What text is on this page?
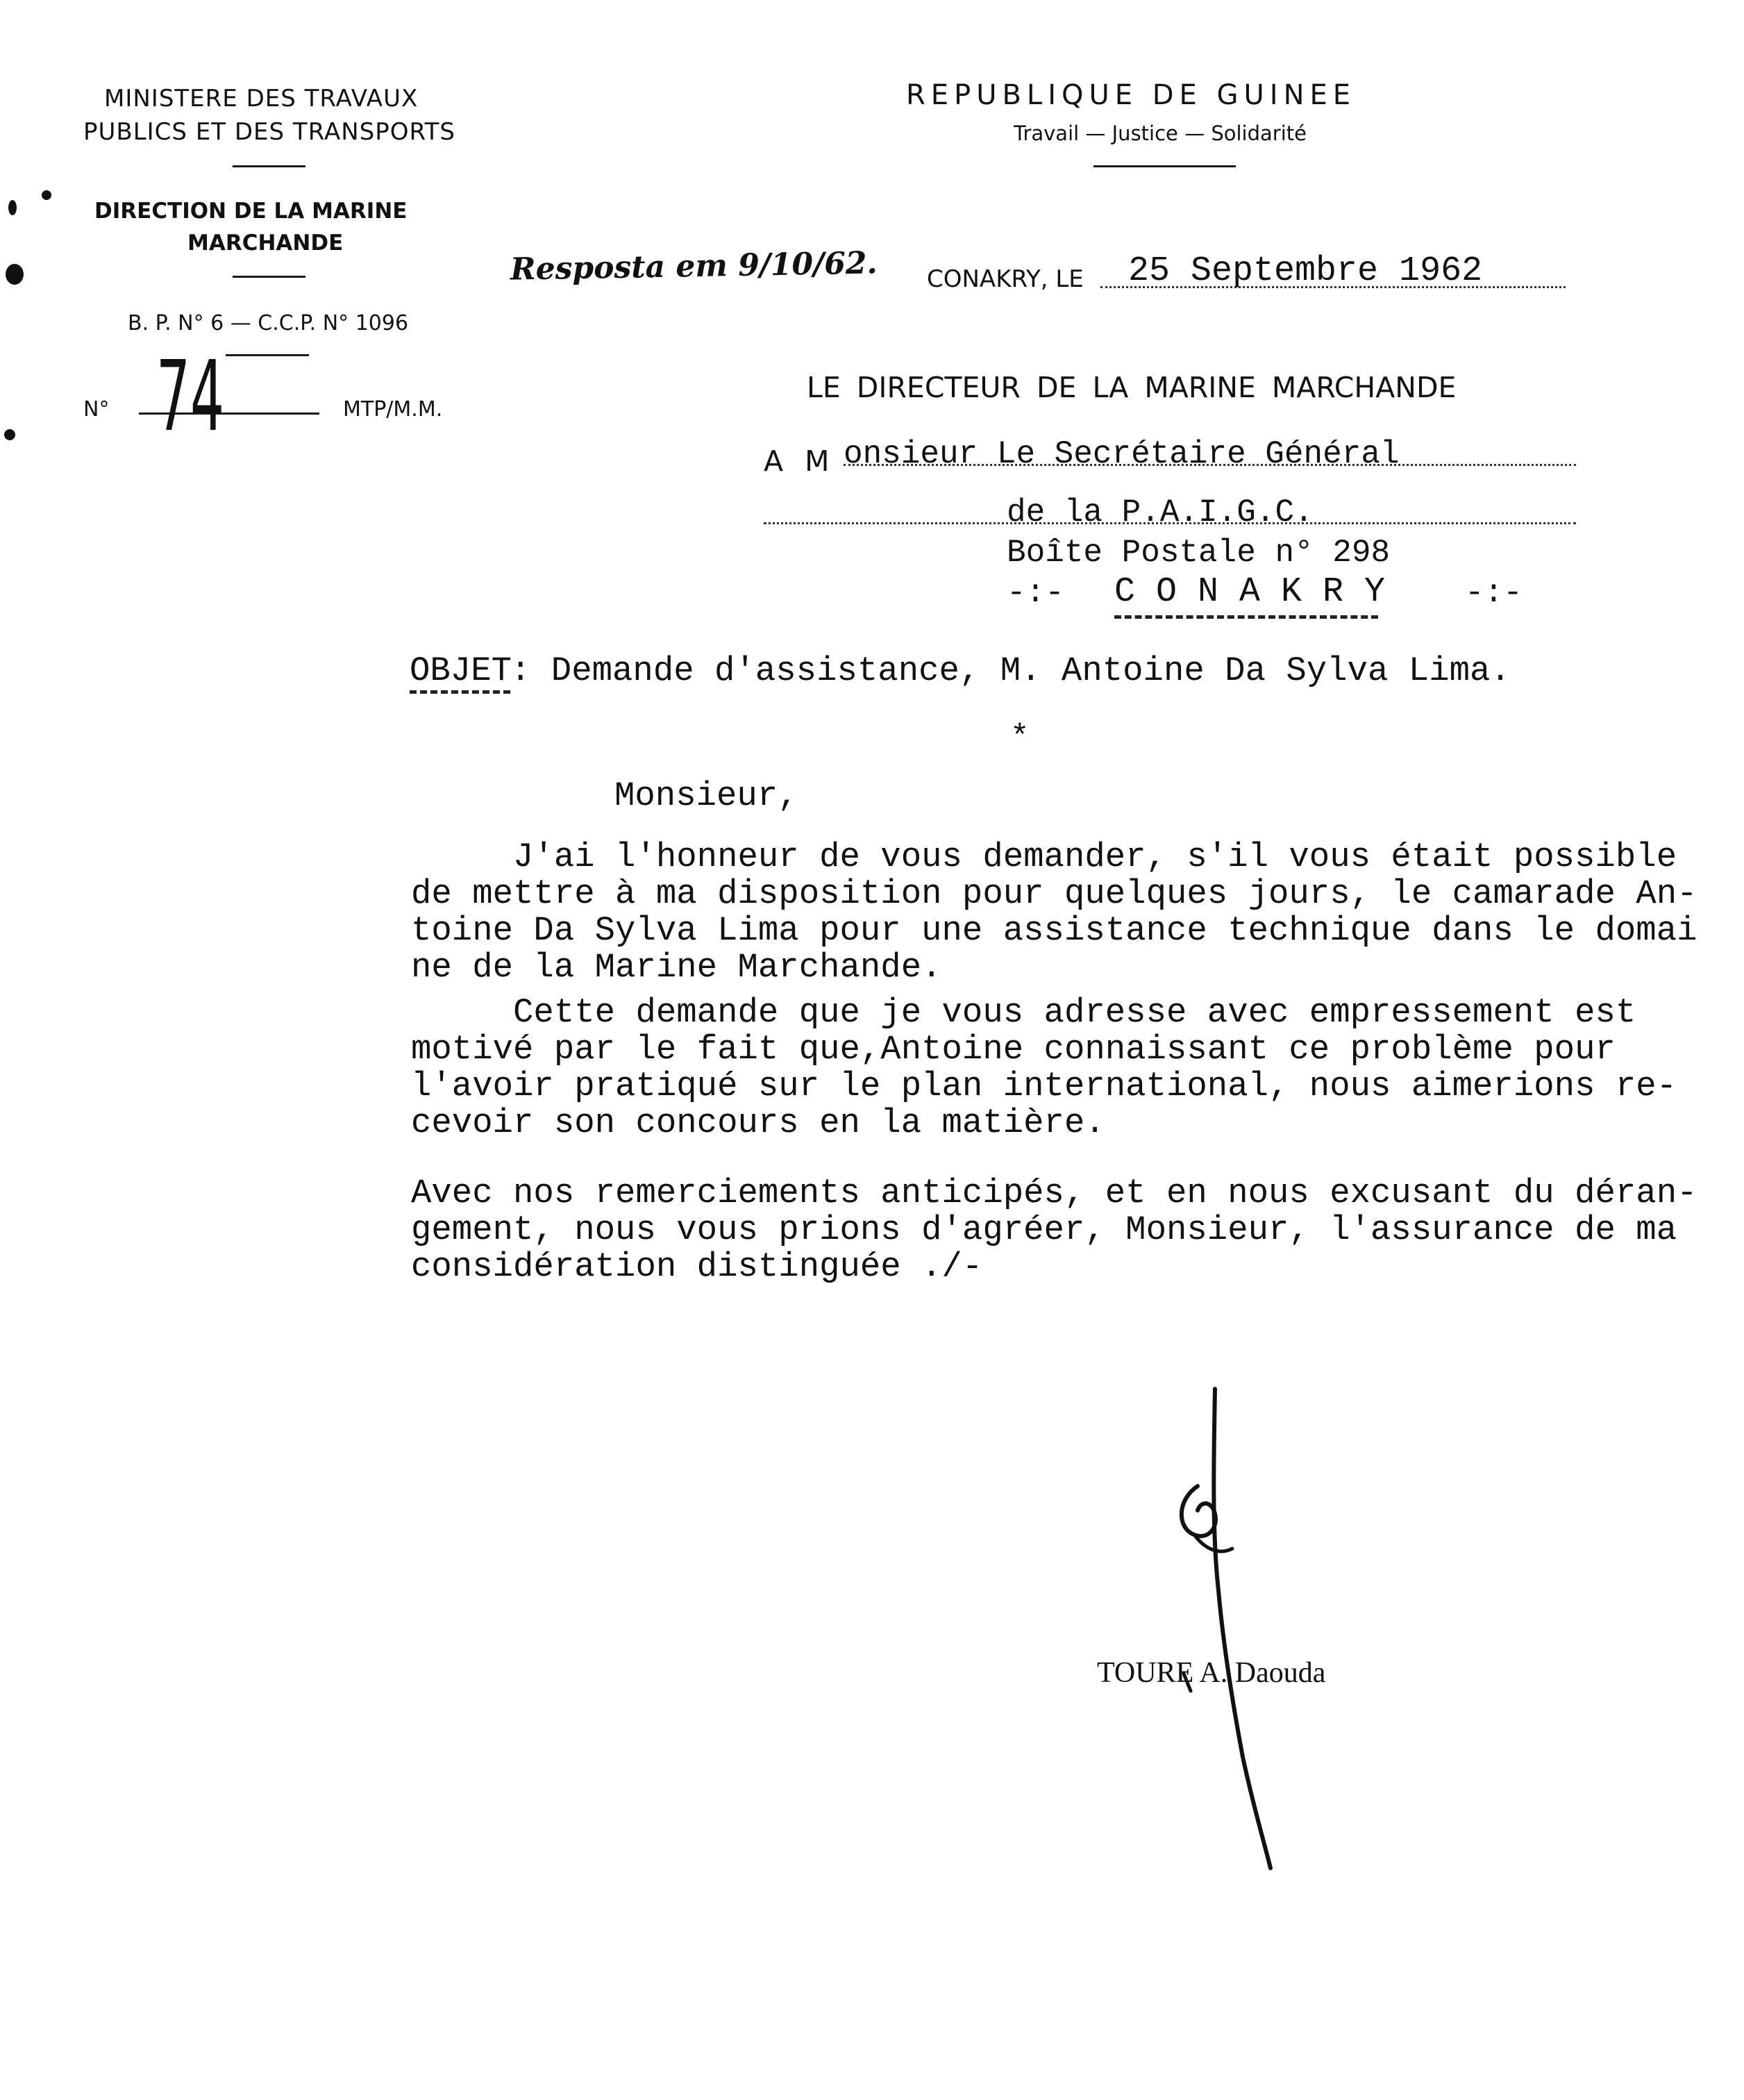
MINISTERE DES TRAVAUX
PUBLICS ET DES TRANSPORTS
DIRECTION DE LA MARINE
MARCHANDE
B. P. N° 6 — C.C.P. N° 1096
N° 74	MTP/M.M.
REPUBLIQUE DE GUINEE
Travail — Justice — Solidarité
Resposta em 9/10/62. CONAKRY, LE 25 Septembre 1962
LE DIRECTEUR DE LA MARINE MARCHANDE
A M onsieur Le Secrétaire Général
de la P.A.I.G.C.
Boîte Postale n° 298
-:- C O N A K R Y -:-
OBJET
: Demande d'assistance, M. Antoine Da Sylva Lima.
*
Monsieur,
J'ai l'honneur de vous demander, s'il vous était possible
de mettre à ma disposition pour quelques jours, le camarade An-
toine Da Sylva Lima pour une assistance technique dans le domai
ne de la Marine Marchande.
Cette demande que je vous adresse avec empressement est
motivé par le fait que,Antoine connaissant ce problème pour
l'avoir pratiqué sur le plan international, nous aimerions re-
cevoir son concours en la matière.
Avec nos remerciements anticipés, et en nous excusant du déran-
gement, nous vous prions d'agréer, Monsieur, l'assurance de ma
considération distinguée ./-
TOURE A. Daouda
